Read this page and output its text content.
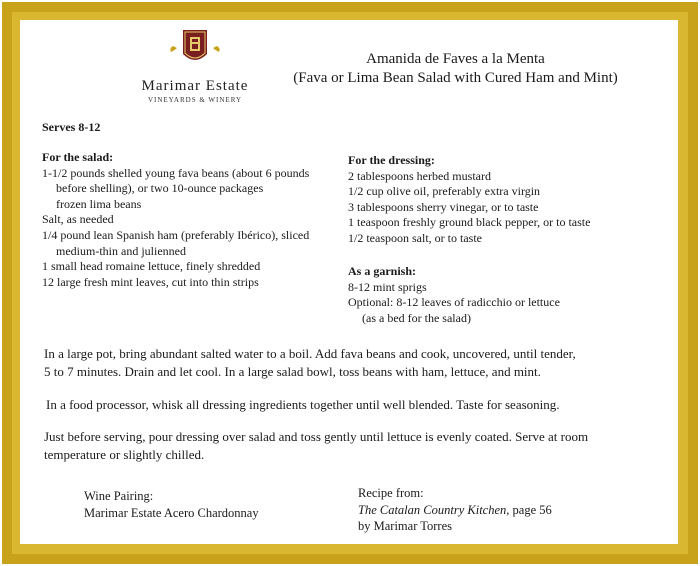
Marimar Estate
VINEYARDS & WINERY
Amanida de Faves a la Menta
(Fava or Lima Bean Salad with Cured Ham and Mint)
Serves 8-12
For the salad:
1-1/2 pounds shelled young fava beans (about 6 pounds
before shelling), or two 10-ounce packages
frozen lima beans
Salt, as needed
1/4 pound lean Spanish ham (preferably Ibérico), sliced
medium-thin and julienned
1 small head romaine lettuce, finely shredded
12 large fresh mint leaves, cut into thin strips
For the dressing:
2 tablespoons herbed mustard
1/2 cup olive oil, preferably extra virgin
3 tablespoons sherry vinegar, or to taste
1 teaspoon freshly ground black pepper, or to taste
1/2 teaspoon salt, or to taste
As a garnish:
8-12 mint sprigs
Optional: 8-12 leaves of radicchio or lettuce
(as a bed for the salad)
In a large pot, bring abundant salted water to a boil. Add fava beans and cook, uncovered, until tender,
5 to 7 minutes. Drain and let cool. In a large salad bowl, toss beans with ham, lettuce, and mint.
In a food processor, whisk all dressing ingredients together until well blended. Taste for seasoning.
Just before serving, pour dressing over salad and toss gently until lettuce is evenly coated. Serve at room
temperature or slightly chilled.
Wine Pairing:
Marimar Estate Acero Chardonnay
Recipe from:
The Catalan Country Kitchen, page 56
by Marimar Torres
